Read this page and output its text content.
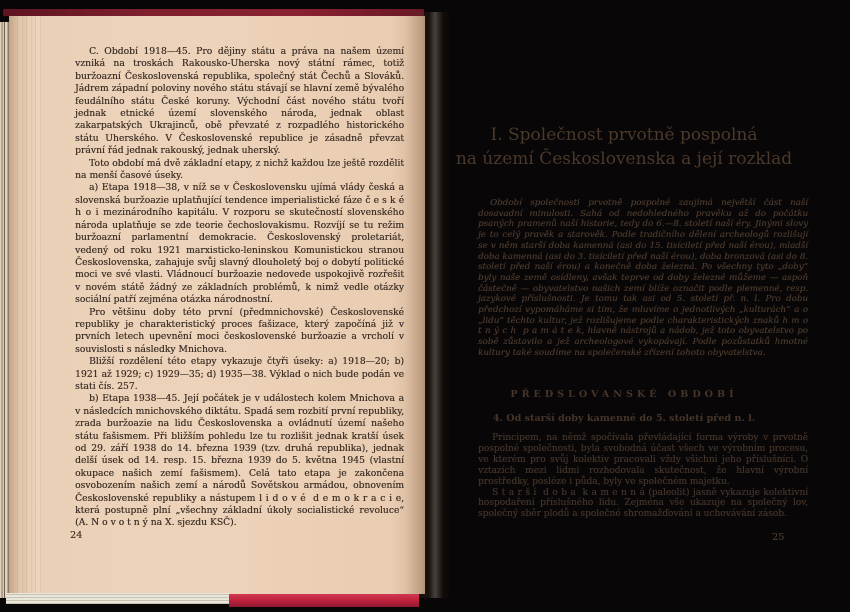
C. Období 1918—45. Pro dějiny státu a práva na našem území vzniká na troskách Rakousko-Uherska nový státní rámec, totiž buržoazní Československá republika, společný stát Čechů a Slováků. Jádrem západní poloviny nového státu stávají se hlavní země bývalého feudálního státu České koruny. Východní část nového státu tvoří jednak etnické území slovenského národa, jednak oblast zakarpatských Ukrajinců, obě převzaté z rozpadlého historického státu Uherského. V Československé republice je zásadně převzat právní řád jednak rakouský, jednak uherský.

Toto období má dvě základní etapy, z nichž každou lze ještě rozdělit na menší časové úseky.

a) Etapa 1918—38, v níž se v Československu ujímá vlády česká a slovenská buržoazie uplatňující tendence imperialistické fáze č e s k é h o i mezinárodního kapitálu. V rozporu se skutečností slovenského národa uplatňuje se zde teorie čechoslovakismu. Rozvíjí se tu režim buržoazní parlamentní demokracie. Československý proletariát, vedený od roku 1921 marxisticko-leninskou Komunistickou stranou Československa, zahajuje svůj slavný dlouholetý boj o dobytí politické moci ve své vlasti. Vládnoucí buržoazie nedovede uspokojivě rozřešit v novém státě žádný ze základních problémů, k nimž vedle otázky sociální patří zejména otázka národnostní.

Pro většinu doby této první (předmnichovské) Československé republiky je charakteristický proces fašizace, který započíná již v prvních letech upevnění moci československé buržoazie a vrcholí v souvislosti s následky Mnichova.

Bližší rozdělení této etapy vykazuje čtyři úseky: a) 1918—20; b) 1921 až 1929; c) 1929—35; d) 1935—38. Výklad o nich bude podán ve stati čís. 257.

b) Etapa 1938—45. Její počátek je v událostech kolem Mnichova a v následcích mnichovského diktátu. Spadá sem rozbití první republiky, zrada buržoazie na lidu Československa a ovládnutí území našeho státu fašismem. Při bližším pohledu lze tu rozlišit jednak kratší úsek od 29. září 1938 do 14. března 1939 (tzv. druhá republika), jednak delší úsek od 14. resp. 15. března 1939 do 5. května 1945 (vlastní okupace našich zemí fašismem). Celá tato etapa je zakončena osvobozením našich zemí a národů Sovětskou armádou, obnovením Československé republiky a nástupem l i d o v é  d e m o k r a c i e, která postupně plní „všechny základní úkoly socialistické revoluce“ (A. N o v o t n ý na X. sjezdu KSČ).

24
I. Společnost prvotně pospolná
na území Československa a její rozklad
Období společnosti prvotně pospolné zaujímá největší část naší dosavadní minulosti. Sahá od nedohledného pravěku až do počátku psaných pramenů naší historie, tedy do 6.—8. století naší éry. Jinými slovy je to celý pravěk a starověk. Podle tradičního dělení archeologů rozlišují se v něm starší doba kamenná (asi do 15. tisíciletí před naší érou), mladší doba kamenná (asi do 3. tisíciletí před naší érou), doba bronzová (asi do 8. století před naší érou) a konečně doba železná. Po všechny tyto „doby“ byly naše země osídleny, avšak teprve od doby železné můžeme — aspoň částečně — obyvatelstvo našich zemí blíže označit podle plemenné, resp. jazykové příslušnosti. Je tomu tak asi od 5. století př. n. l. Pro dobu předchozí vypomáháme si tím, že mluvíme o jednotlivých „kulturách“ a o „lidu“ těchto kultur, jež rozlišujeme podle charakteristických znaků h m o t n ý c h  p a m á t e k, hlavně nástrojů a nádob, jež toto obyvatelstvo po sobě zůstavilo a jež archeologové vykopávají. Podle pozůstatků hmotné kultury také soudíme na společenské zřízení tohoto obyvatelstva.
PŘEDSLOVANSKÉ OBDOBÍ
4. Od starší doby kamenné do 5. století před n. l.

Principem, na němž spočívala převládající forma výroby v prvotně pospolné společnosti, byla svobodná účast všech ve výrobním procesu, ve kterém pro svůj kolektiv pracovali vždy všichni jeho příslušníci. O vztazích mezi lidmi rozhodovala skutečnost, že hlavní výrobní prostředky, posléze i půda, byly ve společném majetku.

S t a r š í  d o b a  k a m e n n á (paleolit) jasně vykazuje kolektivní hospodaření příslušného lidu. Zejména vše ukazuje na společný lov, společný sběr plodů a společné shromažďování a uchovávání zásob.

25
